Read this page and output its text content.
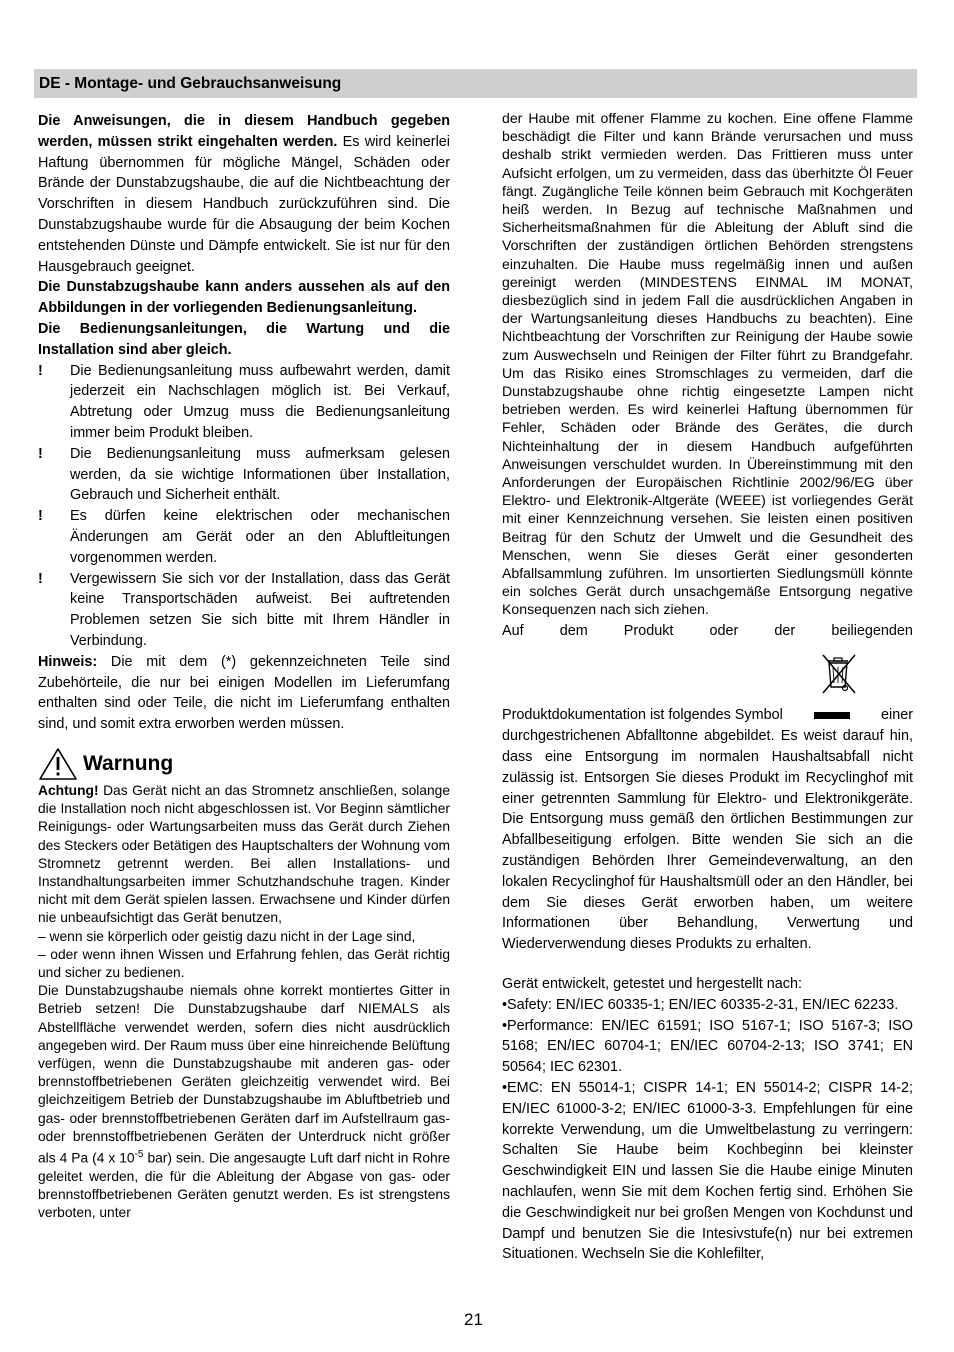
DE - Montage- und Gebrauchsanweisung

Die Anweisungen, die in diesem Handbuch gegeben werden, müssen strikt eingehalten werden. Es wird keinerlei Haftung übernommen für mögliche Mängel, Schäden oder Brände der Dunstabzugshaube, die auf die Nichtbeachtung der Vorschriften in diesem Handbuch zurückzuführen sind. Die Dunstabzugshaube wurde für die Absaugung der beim Kochen entstehenden Dünste und Dämpfe entwickelt. Sie ist nur für den Hausgebrauch geeignet.

Die Dunstabzugshaube kann anders aussehen als auf den Abbildungen in der vorliegenden Bedienungsanleitung.

Die Bedienungsanleitungen, die Wartung und die Installation sind aber gleich.

!	Die Bedienungsanleitung muss aufbewahrt werden, damit jederzeit ein Nachschlagen möglich ist. Bei Verkauf, Abtretung oder Umzug muss die Bedienungsanleitung immer beim Produkt bleiben.
!	Die Bedienungsanleitung muss aufmerksam gelesen werden, da sie wichtige Informationen über Installation, Gebrauch und Sicherheit enthält.
!	Es dürfen keine elektrischen oder mechanischen Änderungen am Gerät oder an den Abluftleitungen vorgenommen werden.
!	Vergewissern Sie sich vor der Installation, dass das Gerät keine Transportschäden aufweist. Bei auftretenden Problemen setzen Sie sich bitte mit Ihrem Händler in Verbindung.

Hinweis: Die mit dem (*) gekennzeichneten Teile sind Zubehörteile, die nur bei einigen Modellen im Lieferumfang enthalten sind oder Teile, die nicht im Lieferumfang enthalten sind, und somit extra erworben werden müssen.

Warnung

Achtung! Das Gerät nicht an das Stromnetz anschließen, solange die Installation noch nicht abgeschlossen ist. Vor Beginn sämtlicher Reinigungs- oder Wartungsarbeiten muss das Gerät durch Ziehen des Steckers oder Betätigen des Hauptschalters der Wohnung vom Stromnetz getrennt werden. Bei allen Installations- und Instandhaltungsarbeiten immer Schutzhandschuhe tragen. Kinder nicht mit dem Gerät spielen lassen. Erwachsene und Kinder dürfen nie unbeaufsichtigt das Gerät benutzen,

– wenn sie körperlich oder geistig dazu nicht in der Lage sind,

– oder wenn ihnen Wissen und Erfahrung fehlen, das Gerät richtig und sicher zu bedienen.

Die Dunstabzugshaube niemals ohne korrekt montiertes Gitter in Betrieb setzen! Die Dunstabzugshaube darf NIEMALS als Abstellfläche verwendet werden, sofern dies nicht ausdrücklich angegeben wird. Der Raum muss über eine hinreichende Belüftung verfügen, wenn die Dunstabzugshaube mit anderen gas- oder brennstoffbetriebenen Geräten gleichzeitig verwendet wird. Bei gleichzeitigem Betrieb der Dunstabzugshaube im Abluftbetrieb und gas- oder brennstoffbetriebenen Geräten darf im Aufstellraum gas- oder brennstoffbetriebenen Geräten der Unterdruck nicht größer als 4 Pa (4 x $10^{-5}$ bar) sein. Die angesaugte Luft darf nicht in Rohre geleitet werden, die für die Ableitung der Abgase von gas- oder brennstoffbetriebenen Geräten genutzt werden. Es ist strengstens verboten, unter

der Haube mit offener Flamme zu kochen. Eine offene Flamme beschädigt die Filter und kann Brände verursachen und muss deshalb strikt vermieden werden. Das Frittieren muss unter Aufsicht erfolgen, um zu vermeiden, dass das überhitzte Öl Feuer fängt. Zugängliche Teile können beim Gebrauch mit Kochgeräten heiß werden. In Bezug auf technische Maßnahmen und Sicherheitsmaßnahmen für die Ableitung der Abluft sind die Vorschriften der zuständigen örtlichen Behörden strengstens einzuhalten. Die Haube muss regelmäßig innen und außen gereinigt werden (MINDESTENS EINMAL IM MONAT, diesbezüglich sind in jedem Fall die ausdrücklichen Angaben in der Wartungsanleitung dieses Handbuchs zu beachten). Eine Nichtbeachtung der Vorschriften zur Reinigung der Haube sowie zum Auswechseln und Reinigen der Filter führt zu Brandgefahr. Um das Risiko eines Stromschlages zu vermeiden, darf die Dunstabzugshaube ohne richtig eingesetzte Lampen nicht betrieben werden. Es wird keinerlei Haftung übernommen für Fehler, Schäden oder Brände des Gerätes, die durch Nichteinhaltung der in diesem Handbuch aufgeführten Anweisungen verschuldet wurden. In Übereinstimmung mit den Anforderungen der Europäischen Richtlinie 2002/96/EG über Elektro- und Elektronik-Altgeräte (WEEE) ist vorliegendes Gerät mit einer Kennzeichnung versehen. Sie leisten einen positiven Beitrag für den Schutz der Umwelt und die Gesundheit des Menschen, wenn Sie dieses Gerät einer gesonderten Abfallsammlung zuführen. Im unsortierten Siedlungsmüll könnte ein solches Gerät durch unsachgemäße Entsorgung negative Konsequenzen nach sich ziehen.

Auf	dem	Produkt	oder	der	beiliegenden
Produktdokumentation ist folgendes Symbol	einer

durchgestrichenen Abfalltonne abgebildet. Es weist darauf hin, dass eine Entsorgung im normalen Haushaltsabfall nicht zulässig ist. Entsorgen Sie dieses Produkt im Recyclinghof mit einer getrennten Sammlung für Elektro- und Elektronikgeräte. Die Entsorgung muss gemäß den örtlichen Bestimmungen zur Abfallbeseitigung erfolgen. Bitte wenden Sie sich an die zuständigen Behörden Ihrer Gemeindeverwaltung, an den lokalen Recyclinghof für Haushaltsmüll oder an den Händler, bei dem Sie dieses Gerät erworben haben, um weitere Informationen über Behandlung, Verwertung und Wiederverwendung dieses Produkts zu erhalten.

Gerät entwickelt, getestet und hergestellt nach:

•Safety: EN/IEC 60335-1; EN/IEC 60335-2-31, EN/IEC 62233.

•Performance: EN/IEC 61591; ISO 5167-1; ISO 5167-3; ISO 5168; EN/IEC 60704-1; EN/IEC 60704-2-13; ISO 3741; EN 50564; IEC 62301.

•EMC: EN 55014-1; CISPR 14-1; EN 55014-2; CISPR 14-2; EN/IEC 61000-3-2; EN/IEC 61000-3-3. Empfehlungen für eine korrekte Verwendung, um die Umweltbelastung zu verringern: Schalten Sie Haube beim Kochbeginn bei kleinster Geschwindigkeit EIN und lassen Sie die Haube einige Minuten nachlaufen, wenn Sie mit dem Kochen fertig sind. Erhöhen Sie die Geschwindigkeit nur bei großen Mengen von Kochdunst und Dampf und benutzen Sie die Intesivstufe(n) nur bei extremen Situationen. Wechseln Sie die Kohlefilter,

21
